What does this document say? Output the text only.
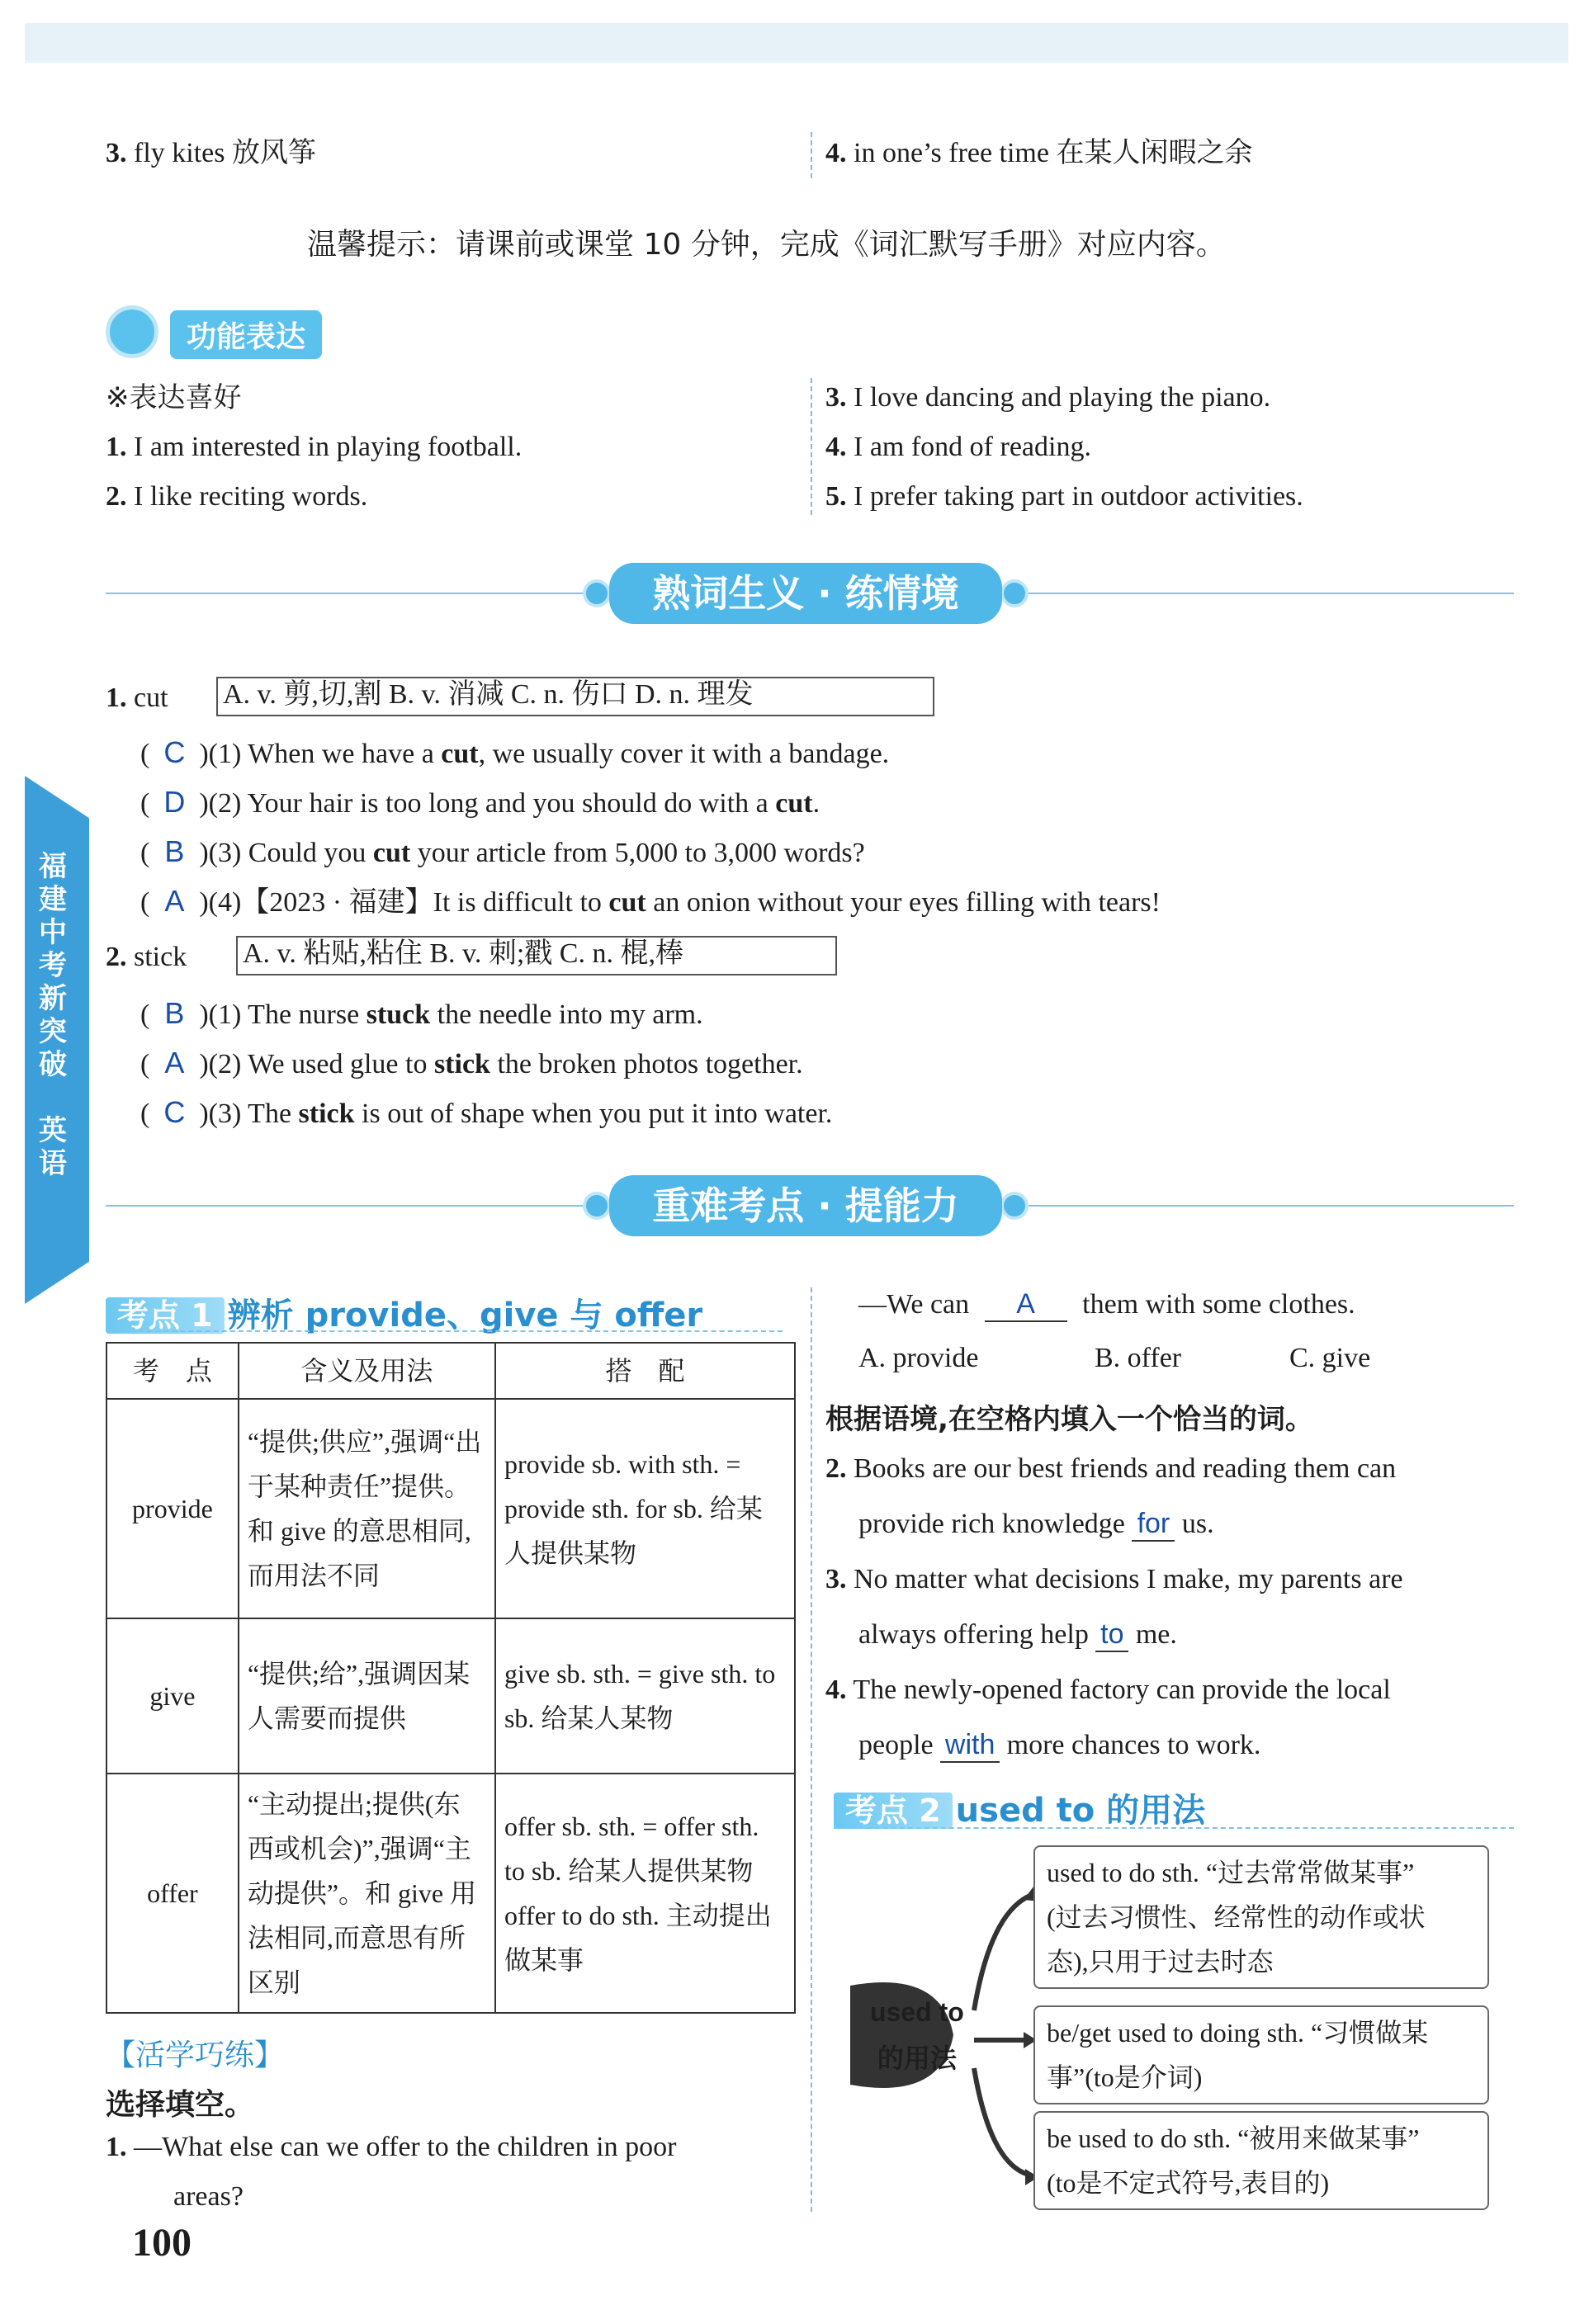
福建中考新突破
英语
3. fly kites 放风筝	4. in one’s free time 在某人闲暇之余
温馨提示：请课前或课堂 10 分钟，完成《词汇默写手册》对应内容。
功能表达
※表达喜好
1. I am interested in playing football.
2. I like reciting words.
3. I love dancing and playing the piano.
4. I am fond of reading.
5. I prefer taking part in outdoor activities.
熟词生义 · 练情境
1. cut A. v. 剪,切,割 B. v. 消减 C. n. 伤口 D. n. 理发
( C )(1) When we have a cut, we usually cover it with a bandage.
( D )(2) Your hair is too long and you should do with a cut.
( B )(3) Could you cut your article from 5,000 to 3,000 words?
( A )(4)【2023 · 福建】It is difficult to cut an onion without your eyes filling with tears!
2. stick A. v. 粘贴,粘住 B. v. 刺;戳 C. n. 棍,棒
( B )(1) The nurse stuck the needle into my arm.
( A )(2) We used glue to stick the broken photos together.
( C )(3) The stick is out of shape when you put it into water.
重难考点 · 提能力
考点 1 辨析 provide、give 与 offer
考　点	含义及用法	搭　配
provide	“提供;供应”,强调“出于某种责任”提供。和 give 的意思相同,而用法不同	provide sb. with sth. = provide sth. for sb. 给某人提供某物
give	“提供;给”,强调因某人需要而提供	give sb. sth. = give sth. to sb. 给某人某物
offer	“主动提出;提供(东西或机会)”,强调“主动提供”。和 give 用法相同,而意思有所区别	offer sb. sth. = offer sth. to sb. 给某人提供某物 offer to do sth. 主动提出做某事
【活学巧练】
选择填空。
1. —What else can we offer to the children in poor
areas?
—We can A them with some clothes.
A. provide	B. offer	C. give
根据语境,在空格内填入一个恰当的词。
2. Books are our best friends and reading them can
provide rich knowledge for us.
3. No matter what decisions I make, my parents are
always offering help to me.
4. The newly-opened factory can provide the local
people with more chances to work.
考点 2 used to 的用法
used to
的用法
used to do sth. “过去常常做某事”
(过去习惯性、经常性的动作或状
态),只用于过去时态
be/get used to doing sth. “习惯做某
事”(to是介词)
be used to do sth. “被用来做某事”
(to是不定式符号,表目的)
100
